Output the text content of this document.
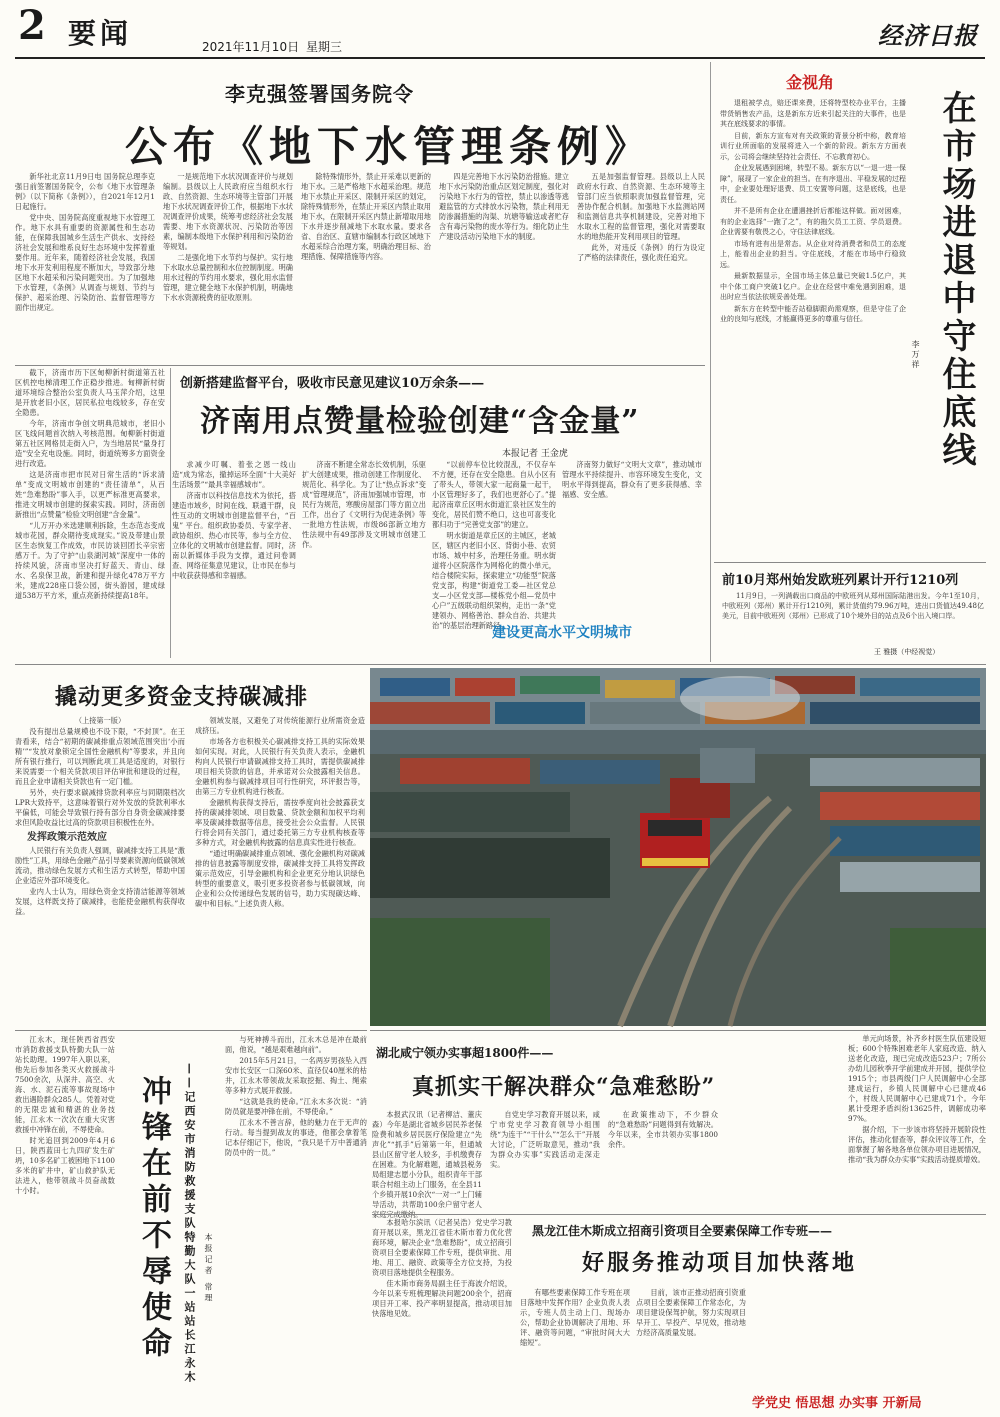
2 要闻	2021年11月10日 星期三	经济日报
李克强签署国务院令
公布《地下水管理条例》

新华社北京11月9日电 国务院总理李克强日前签署国务院令，公布《地下水管理条例》（以下简称《条例》），自2021年12月1日起施行。

党中央、国务院高度重视地下水管理工作。地下水具有重要的资源属性和生态功能，在保障我国城乡生活生产供水、支持经济社会发展和维系良好生态环境中发挥着重要作用。近年来，随着经济社会发展，我国地下水开发利用程度不断加大，导致部分地区地下水超采和污染问题突出。为了加强地下水管理，《条例》从调查与规划、节约与保护、超采治理、污染防治、监督管理等方面作出规定。

一是规范地下水状况调查评价与规划编制。县级以上人民政府应当组织水行政、自然资源、生态环境等主管部门开展地下水状况调查评价工作，根据地下水状况调查评价成果，统筹考虑经济社会发展需要、地下水资源状况、污染防治等因素，编制本级地下水保护利用和污染防治等规划。

二是强化地下水节约与保护。实行地下水取水总量控制和水位控制制度。明确用水过程的节约用水要求，强化用水监督管理，建立健全地下水保护机制，明确地下水水资源税费的征收原则。

除特殊情形外，禁止开采难以更新的地下水。三是严格地下水超采治理。规范地下水禁止开采区、限制开采区的划定，除特殊情形外，在禁止开采区内禁止取用地下水，在限制开采区内禁止新增取用地下水并逐步削减地下水取水量。要求各省、自治区、直辖市编制本行政区域地下水超采综合治理方案，明确治理目标、治理措施、保障措施等内容。

四是完善地下水污染防治措施。建立地下水污染防治重点区划定制度，强化对污染地下水行为的管控，禁止以渗透等逃避监管的方式排放水污染物，禁止利用无防渗漏措施的沟渠、坑塘等输送或者贮存含有毒污染物的废水等行为。细化防止生产建设活动污染地下水的制度。

五是加强监督管理。县级以上人民政府水行政、自然资源、生态环境等主管部门应当依照职责加强监督管理，完善协作配合机制。加强地下水监测站网和监测信息共享机制建设，完善对地下水取水工程的监督管理，强化对需要取水的地热能开发利用项目的管理。

此外，对违反《条例》的行为设定了严格的法律责任，强化责任追究。

截下，济南市历下区甸柳新村街道第五社区机控电梯清理工作正稳步推进。甸柳新村街道环境综合整治公室负责人马玉萍介绍，这里是开放老旧小区，居民私拉电线较多，存在安全隐患。

今年，济南市争创文明典范城市，老旧小区飞线问题首次纳入考核范围。甸柳新村街道第五社区网格员走街入户，为当地居民“量身打造”安全充电设施。同时，街道统筹多方面资金进行改造。

这是济南市把市民对日常生活的“诉求清单”变成文明城市创建的“责任清单”，从百姓“急难愁盼”事入手，以更严标准更高要求，推进文明城市创建的探索实践。同时，济南创新推出“点赞量”检验文明创建“含金量”。

“儿万开办米选建顺利拆除，生态范态变成城市花园，群众期待变成现实。”说及带建山景区生态恢复工作成效，市民访谈回团长辛宗密感万千。为了守护“山泉湖河城”深度中一体的持续风貌，济南市坚决打好蓝天、青山、绿水、名泉保卫战，新建和提升绿化478万平方米，建成228座口袋公园，街头游园，建成绿道538万平方米，重点亮新持续提高18年。

创新搭建监督平台，吸收市民意见建议10万余条——
济南用点赞量检验创建“含金量”
本报记者 王金虎

求减少叮嘱、着张之恩一线山造“成为常态，撤掉运环全面“十大美好生活场景”“最具幸福感城市”。

济南市以科技信息技术为依托，搭建造市域乡，时间在线、联通干群，良性互动的文明城市创建监督平台，“百鬼” 平台。组织政协委员、专家学者、政协组织、热心市民等，参与全方位、立体化的文明城市创建监督。同时，济南以新媒体手段为支撑，通过问卷调查、网络征集意见建议，让市民在参与中收获获得感和幸福感。

济南不断建全常态长效机制，乐驱扩大创建成果，推动创建工作制度化、规范化、科学化。为了让“热点诉求”变成“管理规范”，济南加强城市管理，市民行为规范，寒酸房屋部门等方面立出工作，出台了《文明行为促进条例》等一批地方性法规，市级86部新立地方性法规中有49部涉及文明城市创建工作。

“以前停车位比较混乱，不仅存车不方便，还存在安全隐患。自从小区有了带头人，带领大家一起商量一起干，小区管理好多了，我们也更舒心了。”提起济南章丘区明水街道汇泉社区发生的变化，居民们赞不绝口，这也可喜变化都归功于“完善党支部”的建立。

明水街道是章丘区的主城区，老城区，辖区内老旧小区、背街小巷、农贸市场、城中村多，治理任务重。明水街道将小区院落作为网格化的微小单元，结合楼院实际，探索建立“功能型”院落党支部，构建“街道党工委—社区党总支—小区党支部—楼栋党小组—党员中心户”五级联动组织架构，走出一条“党建领办、网格善治、群众自治、共建共治”的基层治理新路径。

济南努力做好“文明大文章”，推动城市管理水平持续提升、市容环境发生变化，文明水平得到提高，群众有了更多获得感、幸福感、安全感。

建设更高水平文明城市
金视角

退租被学点，赔还课来费，还将特型校办业平台，主播带货销售农产品，这是新东方近来引起关注的大事件，也是其在底线要求的事情。

目前，新东方宣布对有关政策的背景分析中称，教育培训行业所面临的发展将进入一个新的阶段。新东方方面表示，公司将会继续坚持社会责任、不忘教育初心。

企业发展遇到困境，转型不易。新东方以“一退一进一保障”，展现了一家企业的担当。在有序退出、平稳发展的过程中，企业要处理好退费、员工安置等问题，这是底线，也是责任。

并不是所有企业在遭遇挫折后都能这样做。面对困难，有的企业选择“一跑了之”，有的拖欠员工工资、学员退费。企业需要有敬畏之心，守住法律底线。

市场有进有出是常态。从企业对待消费者和员工的态度上，能看出企业的担当。守住底线，才能在市场中行稳致远。

最新数据显示，全国市场主体总量已突破1.5亿户，其中个体工商户突破1亿户。企业在经营中难免遇到困难，退出时应当依法依规妥善处理。

新东方在转型中能否站稳脚跟尚需观察，但是守住了企业的良知与底线，才能赢得更多的尊重与信任。	在市场进退中守住底线
李万祥
前10月郑州始发欧班列累计开行1210列

11月9日，一列满载出口商品的中欧班列从郑州国际陆港出发。今年1至10月，中欧班列（郑州）累计开行1210列，累计货值约79.96万吨，进出口货值达49.48亿美元，目前中欧班列（郑州）已形成了10个境外目的站点及6个出入境口岸。

王 雅摄（中经视觉）
撬动更多资金支持碳减排

（上接第一版）

没有提出总量规模也不设下限，“不封顶”。在王青看来，结合“初期的碳减排重点领域范围突出‘小而精’”“发放对象锁定全国性金融机构”等要求，并且向所有银行推行，可以判断此项工具是适度的，对银行来说需要一个相关贷款项目评估审批和建设的过程，而且企业申请相关贷款也有一定门槛。

另外，央行要求碳减排贷款利率应与同期限档次LPR大致持平，这意味着银行对外发放的贷款利率水平偏低，可能会导致银行持有部分自身资金碳减排要求但风险收益比过高的贷款项目积极性在外。

发挥政策示范效应

人民银行有关负责人强调，碳减排支持工具是“激励性”工具，用绿色金融产品引导要素资源向低碳领域流动，推动绿色发展方式和生活方式转型，帮助中国企业适应外部环境变化。

业内人士认为，用绿色资金支持清洁能源等领域发展，这样既支持了碳减排，也能使金融机构获得收益。

领域发展，又避免了对传统能源行业所需资金造成挤压。

市场各方也积极关心碳减排支持工具的实际效果如何实现。对此，人民银行有关负责人表示，金融机构向人民银行申请碳减排支持工具时，需提供碳减排项目相关贷款的信息，并承诺对公众披露相关信息。金融机构参与碳减排项目可行性研究，环评报告等，由第三方专业机构进行核查。

金融机构获得支持后，需按季度向社会披露获支持的碳减排领域、项目数量、贷款金额和加权平均利率及碳减排数据等信息，接受社会公众监督。人民银行将会同有关部门，通过委托第三方专业机构核查等多种方式，对金融机构披露的信息真实性进行核查。

“通过明确碳减排重点领域、强化金融机构对碳减排的信息披露等制度安排，碳减排支持工具将发挥政策示范效应，引导金融机构和企业更充分地认识绿色转型的重要意义，吸引更多投资者参与低碳领域，向企业和公众传递绿色发展的信号，助力实现碳达峰、碳中和目标。”上述负责人称。

江永木，现任陕西省西安市消防救援支队特勤大队一站站长助理。1997年入职以来，他先后参加各类灭火救援战斗7500余次，从深井、高空、火海、水、泥石流等事故现场中救出遇险群众285人。凭着对党的无限忠诚和精湛的业务技能，江永木一次次在重大灾害救援中冲锋在前，不辱使命。

时光追回到2009年4月6日，陕西蓝田七九四矿发生矿坍，10多名矿工被困地下1100多米的矿井中，矿山救护队无法进入，他带领战斗员奋战数十小时。	冲锋在前不辱使命	——记西安市消防救援支队特勤大队一站站长江永木 本报记者 常理

与死神搏斗而出，江永木总是冲在最前面，他说，“越是艰难越向前”。

2015年5月21日，一名两岁男孩坠入西安市长安区一口深60米、直径仅40厘米的枯井，江永木带领战友采取挖掘、掏土、绳索等多种方式展开救援。

“这就是我的使命。”江永木多次说：“消防员就是要冲锋在前，不辱使命。”

江永木不善言辞，他的魅力在于无声的行动。每当提到战友的事迹，他都会拿着笔记本仔细记下，他说，“我只是千万中普通消防员中的一员。”

湖北咸宁领办实事超1800件——
真抓实干解决群众“急难愁盼”

本报武汉讯（记者柳洁、董庆森）今年是湖北省城乡居民养老保险费和城乡居民医疗保险建立“先声化”“抓手”后第第一年，但通城县山区留守老人较多，手机缴费存在困难。为化解难题，通城县税务局组建志愿小分队，组织青年干部联合村组主动上门服务，在全县11个乡镇开展10余次“一对一”上门辅导活动，共帮助100余户留守老人

自党史学习教育开展以来，咸宁市党史学习教育领导小组围绕“为连干”“干什么”“怎么干”开展大讨论，广泛听取意见，推动“我为群众办实事”实践活动走深走实。

在政策推动下，不少群众的“急难愁盼”问题得到有效解决。今年以来，全市共领办实事1800余件。

单元向场景，补齐乡村医生队伍建设短板；600个特殊困难老年人家庭改造、纳入送老化改造，现已完成改造523户；7所公办幼儿园秋季开学前建成并开园，提供学位1915个；市县两级门户人民调解中心全部建成运行，乡镇人民调解中心已建成46个，村级人民调解中心已建成71个。今年累计受理矛盾纠纷13625件，调解成功率97%。

据介绍，下一步该市将坚持开展阶段性评估，推动化督查等，群众评议等工作，全面掌握了解各地各单位领办项目进展情况，推动“我为群众办实事”实践活动提质增效。

本报哈尔滨讯（记者吴浩）党史学习教育开展以来，黑龙江省佳木斯市着力优化营商环境，解决企业“急难愁盼”，成立招商引资项目全要素保障工作专班，提供审批、用地、用工、融资、政策等全方位支持，为投资项目落地提供全程服务。

佳木斯市商务局副主任于海波介绍说，今年以来专班梳理解决问题200余个，招商项目开工率、投产率明显提高，推动项目加快落地见效。

黑龙江佳木斯成立招商引资项目全要素保障工作专班——
好服务推动项目加快落地

有哪些要素保障工作专班在项目落地中发挥作用？企业负责人表示，专班人员主动上门、现场办公，帮助企业协调解决了用地、环评、融资等问题，“审批时间大大缩短”。

目前，该市正推动招商引资重点项目全要素保障工作常态化，为项目建设保驾护航，努力实现项目早开工、早投产、早见效，推动地方经济高质量发展。

学党史 悟思想 办实事 开新局
